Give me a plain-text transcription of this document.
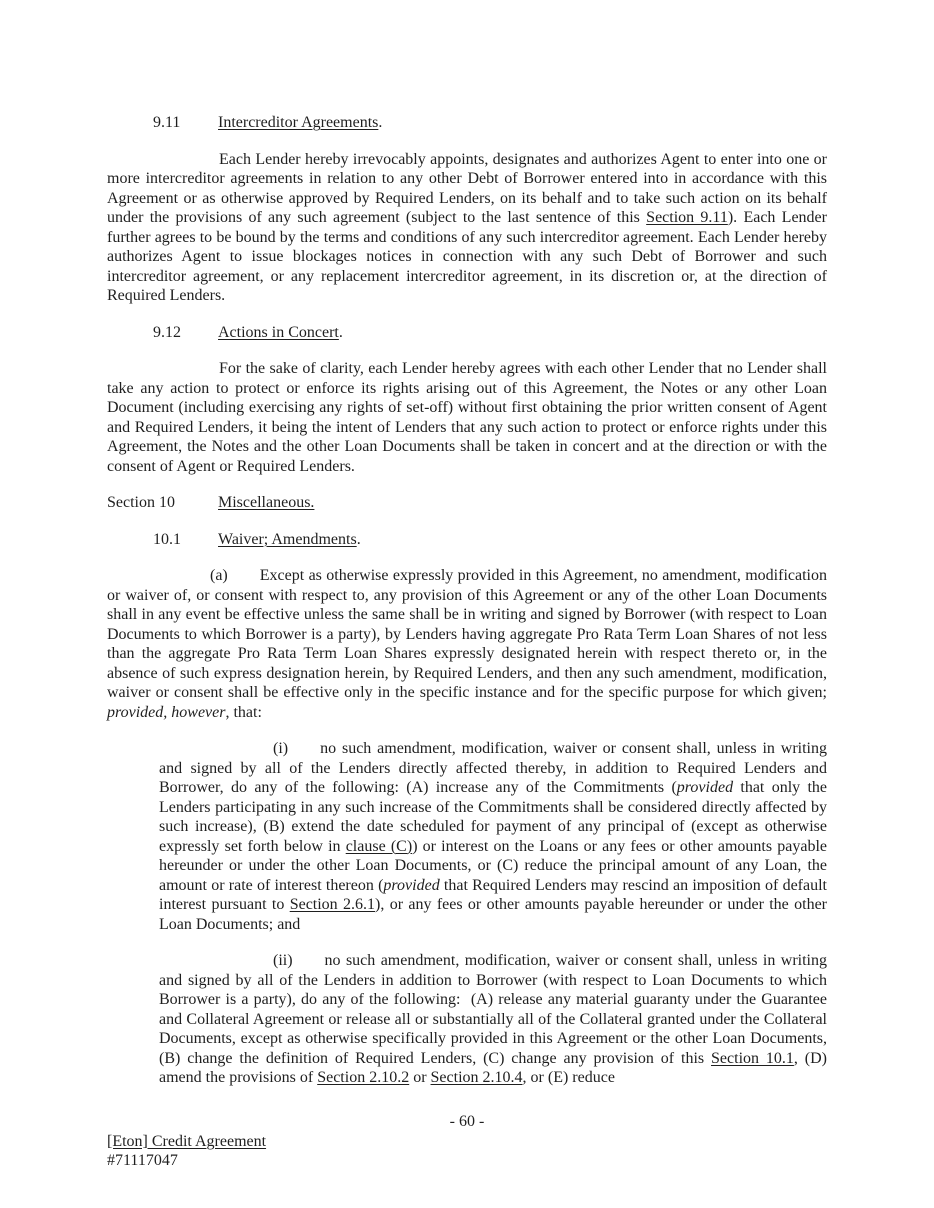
9.11 Intercreditor Agreements.

Each Lender hereby irrevocably appoints, designates and authorizes Agent to enter into one or more intercreditor agreements in relation to any other Debt of Borrower entered into in accordance with this Agreement or as otherwise approved by Required Lenders, on its behalf and to take such action on its behalf under the provisions of any such agreement (subject to the last sentence of this Section 9.11). Each Lender further agrees to be bound by the terms and conditions of any such intercreditor agreement. Each Lender hereby authorizes Agent to issue blockages notices in connection with any such Debt of Borrower and such intercreditor agreement, or any replacement intercreditor agreement, in its discretion or, at the direction of Required Lenders.

9.12 Actions in Concert.

For the sake of clarity, each Lender hereby agrees with each other Lender that no Lender shall take any action to protect or enforce its rights arising out of this Agreement, the Notes or any other Loan Document (including exercising any rights of set-off) without first obtaining the prior written consent of Agent and Required Lenders, it being the intent of Lenders that any such action to protect or enforce rights under this Agreement, the Notes and the other Loan Documents shall be taken in concert and at the direction or with the consent of Agent or Required Lenders.

Section 10	Miscellaneous.

10.1 Waiver; Amendments.

(a) Except as otherwise expressly provided in this Agreement, no amendment, modification or waiver of, or consent with respect to, any provision of this Agreement or any of the other Loan Documents shall in any event be effective unless the same shall be in writing and signed by Borrower (with respect to Loan Documents to which Borrower is a party), by Lenders having aggregate Pro Rata Term Loan Shares of not less than the aggregate Pro Rata Term Loan Shares expressly designated herein with respect thereto or, in the absence of such express designation herein, by Required Lenders, and then any such amendment, modification, waiver or consent shall be effective only in the specific instance and for the specific purpose for which given; provided, however, that:

(i) no such amendment, modification, waiver or consent shall, unless in writing and signed by all of the Lenders directly affected thereby, in addition to Required Lenders and Borrower, do any of the following: (A) increase any of the Commitments (provided that only the Lenders participating in any such increase of the Commitments shall be considered directly affected by such increase), (B) extend the date scheduled for payment of any principal of (except as otherwise expressly set forth below in clause (C)) or interest on the Loans or any fees or other amounts payable hereunder or under the other Loan Documents, or (C) reduce the principal amount of any Loan, the amount or rate of interest thereon (provided that Required Lenders may rescind an imposition of default interest pursuant to Section 2.6.1), or any fees or other amounts payable hereunder or under the other Loan Documents; and

(ii) no such amendment, modification, waiver or consent shall, unless in writing and signed by all of the Lenders in addition to Borrower (with respect to Loan Documents to which Borrower is a party), do any of the following:  (A) release any material guaranty under the Guarantee and Collateral Agreement or release all or substantially all of the Collateral granted under the Collateral Documents, except as otherwise specifically provided in this Agreement or the other Loan Documents, (B) change the definition of Required Lenders, (C) change any provision of this Section 10.1, (D) amend the provisions of Section 2.10.2 or Section 2.10.4, or (E) reduce

- 60 -
[Eton] Credit Agreement
#71117047
